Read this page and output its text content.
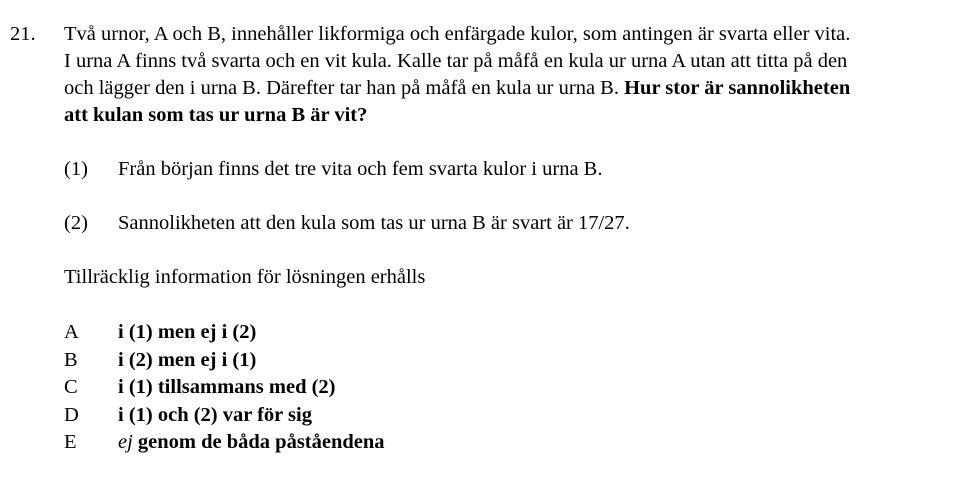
21. Två urnor, A och B, innehåller likformiga och enfärgade kulor, som antingen är svarta eller vita.
I urna A finns två svarta och en vit kula. Kalle tar på måfå en kula ur urna A utan att titta på den
och lägger den i urna B. Därefter tar han på måfå en kula ur urna B. Hur stor är sannolikheten
att kulan som tas ur urna B är vit?
(1) Från början finns det tre vita och fem svarta kulor i urna B.
(2) Sannolikheten att den kula som tas ur urna B är svart är 17/27.
Tillräcklig information för lösningen erhålls
A i (1) men ej i (2)
B i (2) men ej i (1)
C i (1) tillsammans med (2)
D i (1) och (2) var för sig
E ej genom de båda påståendena
